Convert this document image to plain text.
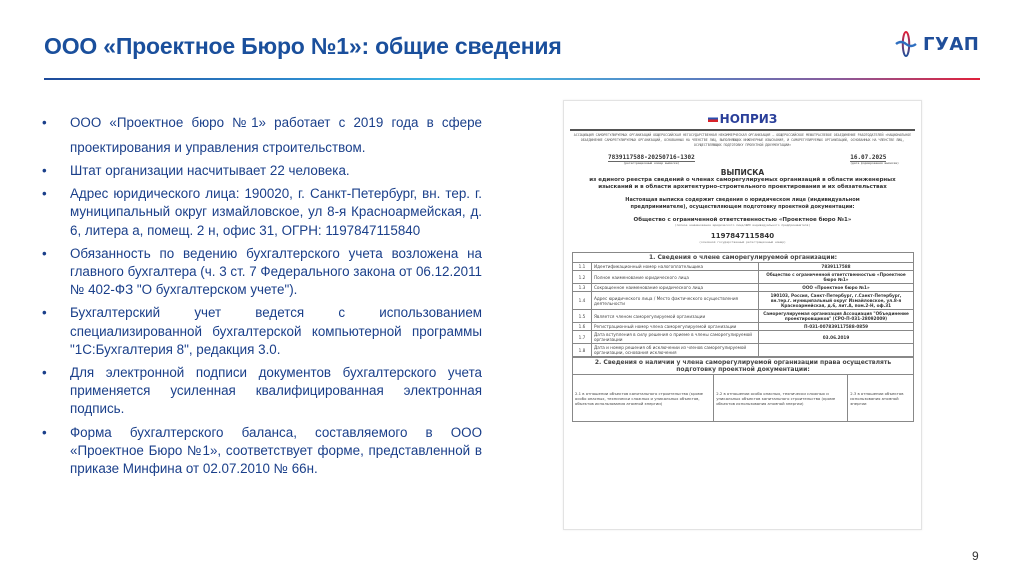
ООО «Проектное Бюро №1»: общие сведения	ГУАП
• ООО «Проектное бюро №1» работает с 2019 года в сфере проектирования и управления строительством.
• Штат организации насчитывает 22 человека.
• Адрес юридического лица: 190020, г. Санкт-Петербург, вн. тер. г. муниципальный округ измайловское, ул 8-я Красноармейская, д. 6, литера а, помещ. 2 н, офис 31, ОГРН: 1197847115840
• Обязанность по ведению бухгалтерского учета возложена на главного бухгалтера (ч. 3 ст. 7 Федерального закона от 06.12.2011 № 402-ФЗ "О бухгалтерском учете").
• Бухгалтерский учет ведется с использованием специализированной бухгалтерской компьютерной программы "1С:Бухгалтерия 8", редакция 3.0.
• Для электронной подписи документов бухгалтерского учета применяется усиленная квалифицированная электронная подпись.
• Форма бухгалтерского баланса, составляемого в ООО «Проектное Бюро №1», соответствует форме, представленной в приказе Минфина от 02.07.2010 № 66н.
НОПРИЗ
АССОЦИАЦИЯ САМОРЕГУЛИРУЕМЫХ ОРГАНИЗАЦИЙ ОБЩЕРОССИЙСКАЯ НЕГОСУДАРСТВЕННАЯ НЕКОММЕРЧЕСКАЯ ОРГАНИЗАЦИЯ – ОБЩЕРОССИЙСКОЕ МЕЖОТРАСЛЕВОЕ ОБЪЕДИНЕНИЕ РАБОТОДАТЕЛЕЙ «НАЦИОНАЛЬНОЕ ОБЪЕДИНЕНИЕ САМОРЕГУЛИРУЕМЫХ ОРГАНИЗАЦИЙ, ОСНОВАННЫХ НА ЧЛЕНСТВЕ ЛИЦ, ВЫПОЛНЯЮЩИХ ИНЖЕНЕРНЫЕ ИЗЫСКАНИЯ, И САМОРЕГУЛИРУЕМЫХ ОРГАНИЗАЦИЙ, ОСНОВАННЫХ НА ЧЛЕНСТВЕ ЛИЦ, ОСУЩЕСТВЛЯЮЩИХ ПОДГОТОВКУ ПРОЕКТНОЙ ДОКУМЕНТАЦИИ»
7839117588-20250716-1302
(регистрационный номер выписки)
16.07.2025
(дата формирования выписки)
ВЫПИСКА
из единого реестра сведений о членах саморегулируемых организаций в области инженерных изысканий и в области архитектурно-строительного проектирования и их обязательствах
Настоящая выписка содержит сведения о юридическом лице (индивидуальном предпринимателе), осуществляющем подготовку проектной документации:
Общество с ограниченной ответственностью «Проектное бюро №1»
(полное наименование юридического лица/ФИО индивидуального предпринимателя)
1197847115840
(основной государственный регистрационный номер)
1. Сведения о члене саморегулируемой организации:		
1.1	Идентификационный номер налогоплательщика	7839117588
1.2	Полное наименование юридического лица	Общество с ограниченной ответственностью «Проектное бюро №1»
1.3	Сокращенное наименование юридического лица	ООО «Проектное бюро №1»
1.4	Адрес юридического лица / Место фактического осуществления деятельности	190103, Россия, Санкт-Петербург, г.Санкт-Петербург, вн.тер.г. муниципальный округ Измайловское, ул.8-я Красноармейская, д.6, лит.А, пом.2-Н, оф.31
1.5	Является членом саморегулируемой организации	Саморегулируемая организация Ассоциация "Объединение проектировщиков" (СРО-П-031-28092009)
1.6	Регистрационный номер члена саморегулируемой организации	П-031-007839117588-0859
1.7	Дата вступления в силу решения о приеме в члены саморегулируемой организации	03.06.2019
1.8	Дата и номер решения об исключении из членов саморегулируемой организации, основания исключения	
2. Сведения о наличии у члена саморегулируемой организации права осуществлять подготовку проектной документации:
2.1 в отношении объектов капитального строительства (кроме особо опасных, технически сложных и уникальных объектов, объектов использования атомной энергии)	2.2 в отношении особо опасных, технически сложных и уникальных объектов капитального строительства (кроме объектов использования атомной энергии)	2.3 в отношении объектов использования атомной энергии
9
